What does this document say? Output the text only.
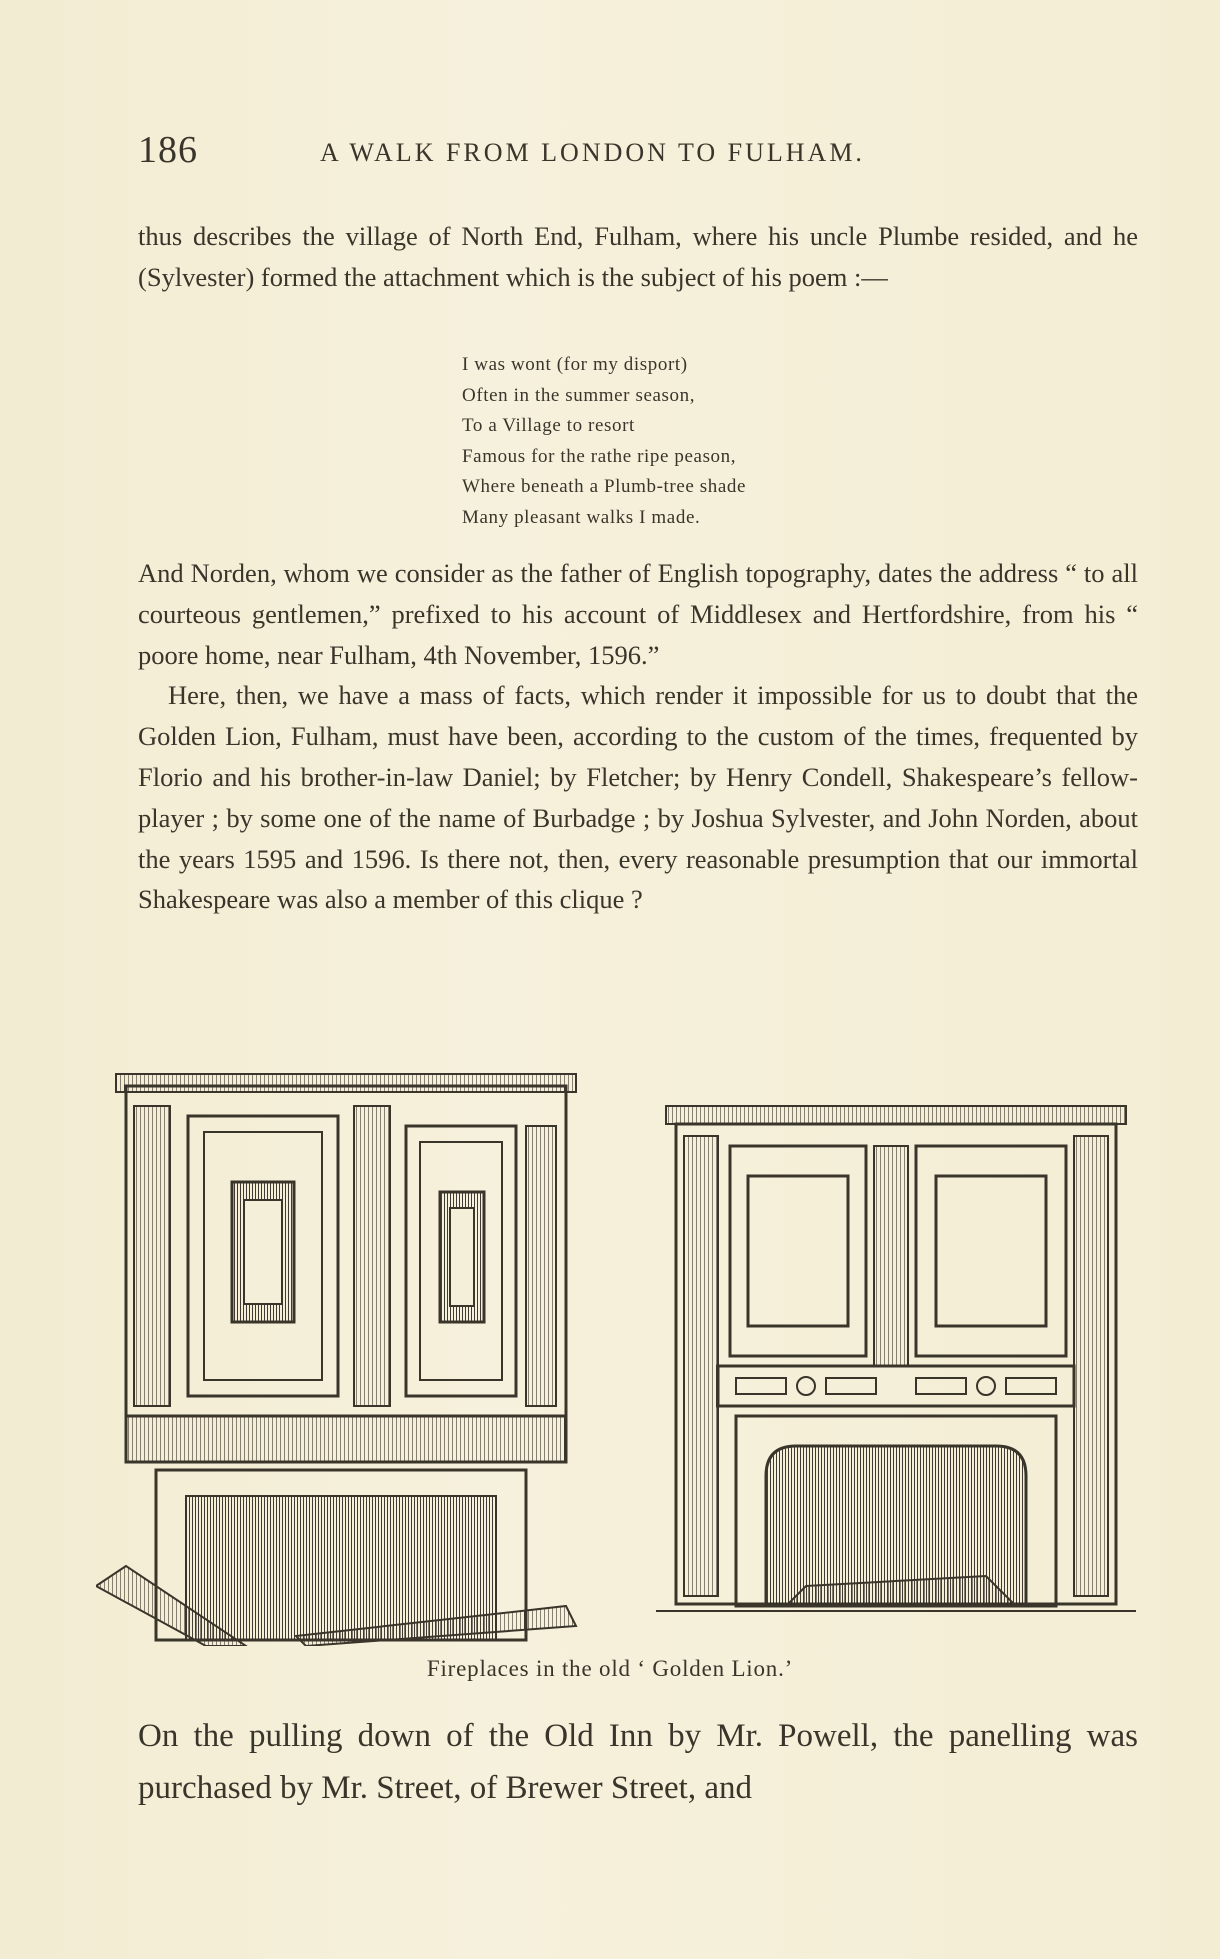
186	A WALK FROM LONDON TO FULHAM.

thus describes the village of North End, Fulham, where his uncle Plumbe resided, and he (Sylvester) formed the attachment which is the subject of his poem :—

I was wont (for my disport)
Often in the summer season,
To a Village to resort
Famous for the rathe ripe peason,
Where beneath a Plumb-tree shade
Many pleasant walks I made.

And Norden, whom we consider as the father of English topography, dates the address “ to all courteous gentlemen,” prefixed to his account of Middlesex and Hertfordshire, from his “ poore home, near Fulham, 4th November, 1596.”

Here, then, we have a mass of facts, which render it impossible for us to doubt that the Golden Lion, Fulham, must have been, according to the custom of the times, frequented by Florio and his brother-in-law Daniel; by Fletcher; by Henry Condell, Shakespeare’s fellow-player ; by some one of the name of Burbadge ; by Joshua Sylvester, and John Norden, about the years 1595 and 1596. Is there not, then, every reasonable presumption that our immortal Shakespeare was also a member of this clique ?

Fireplaces in the old ‘ Golden Lion.’

On the pulling down of the Old Inn by Mr. Powell, the panelling was purchased by Mr. Street, of Brewer Street, and
